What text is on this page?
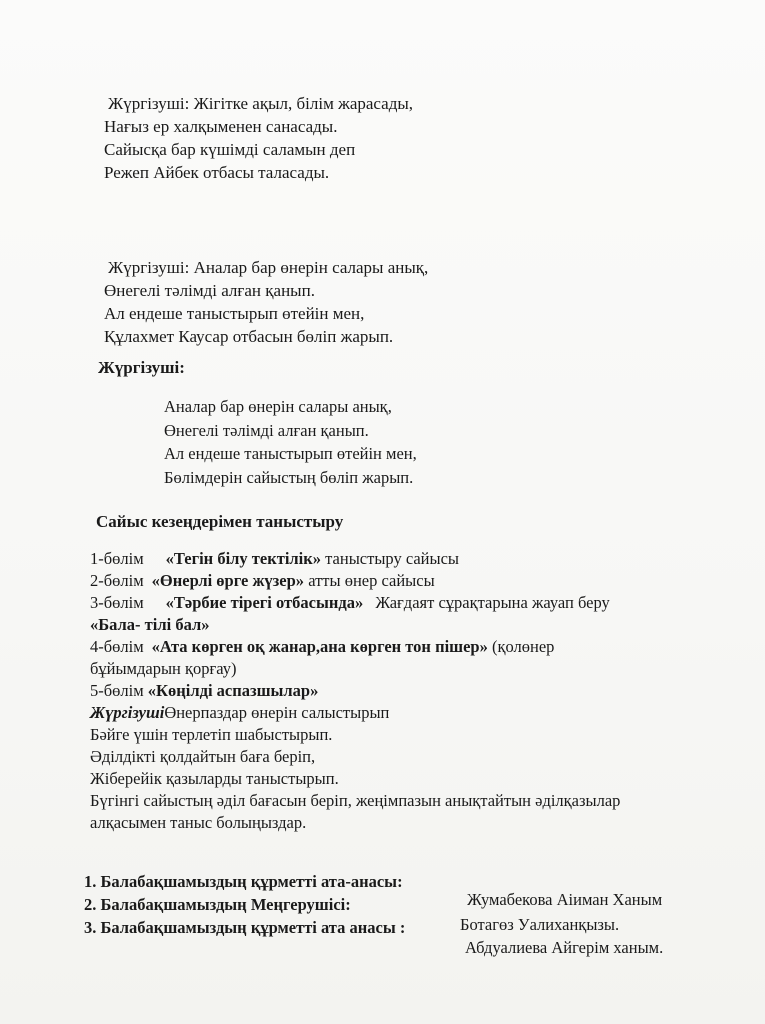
Жүргізуші: Жігітке ақыл, білім жарасады,
Нағыз ер халқыменен санасады.
Сайысқа бар күшімді саламын деп
Режеп Айбек отбасы таласады.
Жүргізуші: Аналар бар өнерін салары анық,
Өнегелі тәлімді алған қанып.
Ал ендеше таныстырып өтейін мен,
Құлахмет Каусар отбасын бөліп жарып.
Жүргізуші:
Аналар бар өнерін салары анық,
Өнегелі тәлімді алған қанып.
Ал ендеше таныстырып өтейін мен,
Бөлімдерін сайыстың бөліп жарып.
Сайыс кезеңдерімен таныстыру
1-бөлім «Тегін білу тектілік» таныстыру сайысы
2-бөлім «Өнерлі өрге жүзер» атты өнер сайысы
3-бөлім «Тәрбие тірегі отбасында» Жағдаят сұрақтарына жауап беру
«Бала- тілі бал»
4-бөлім «Ата көрген оқ жанар,ана көрген тон пішер» (қолөнер
бұйымдарын қорғау)
5-бөлім «Көңілді аспазшылар»
ЖүргізушіӨнерпаздар өнерін салыстырып
Бәйге үшін терлетіп шабыстырып.
Әділдікті қолдайтын баға беріп,
Жіберейік қазыларды таныстырып.
Бүгінгі сайыстың әділ бағасын беріп, жеңімпазын анықтайтын әділқазылар
алқасымен таныс болыңыздар.
1. Балабақшамыздың құрметті ата-анасы:
Жумабекова Аіиман Ханым
2. Балабақшамыздың Меңгерушісі:
Ботагөз Уалиханқызы.
3. Балабақшамыздың құрметті ата анасы :
Абдуалиева Айгерім ханым.
